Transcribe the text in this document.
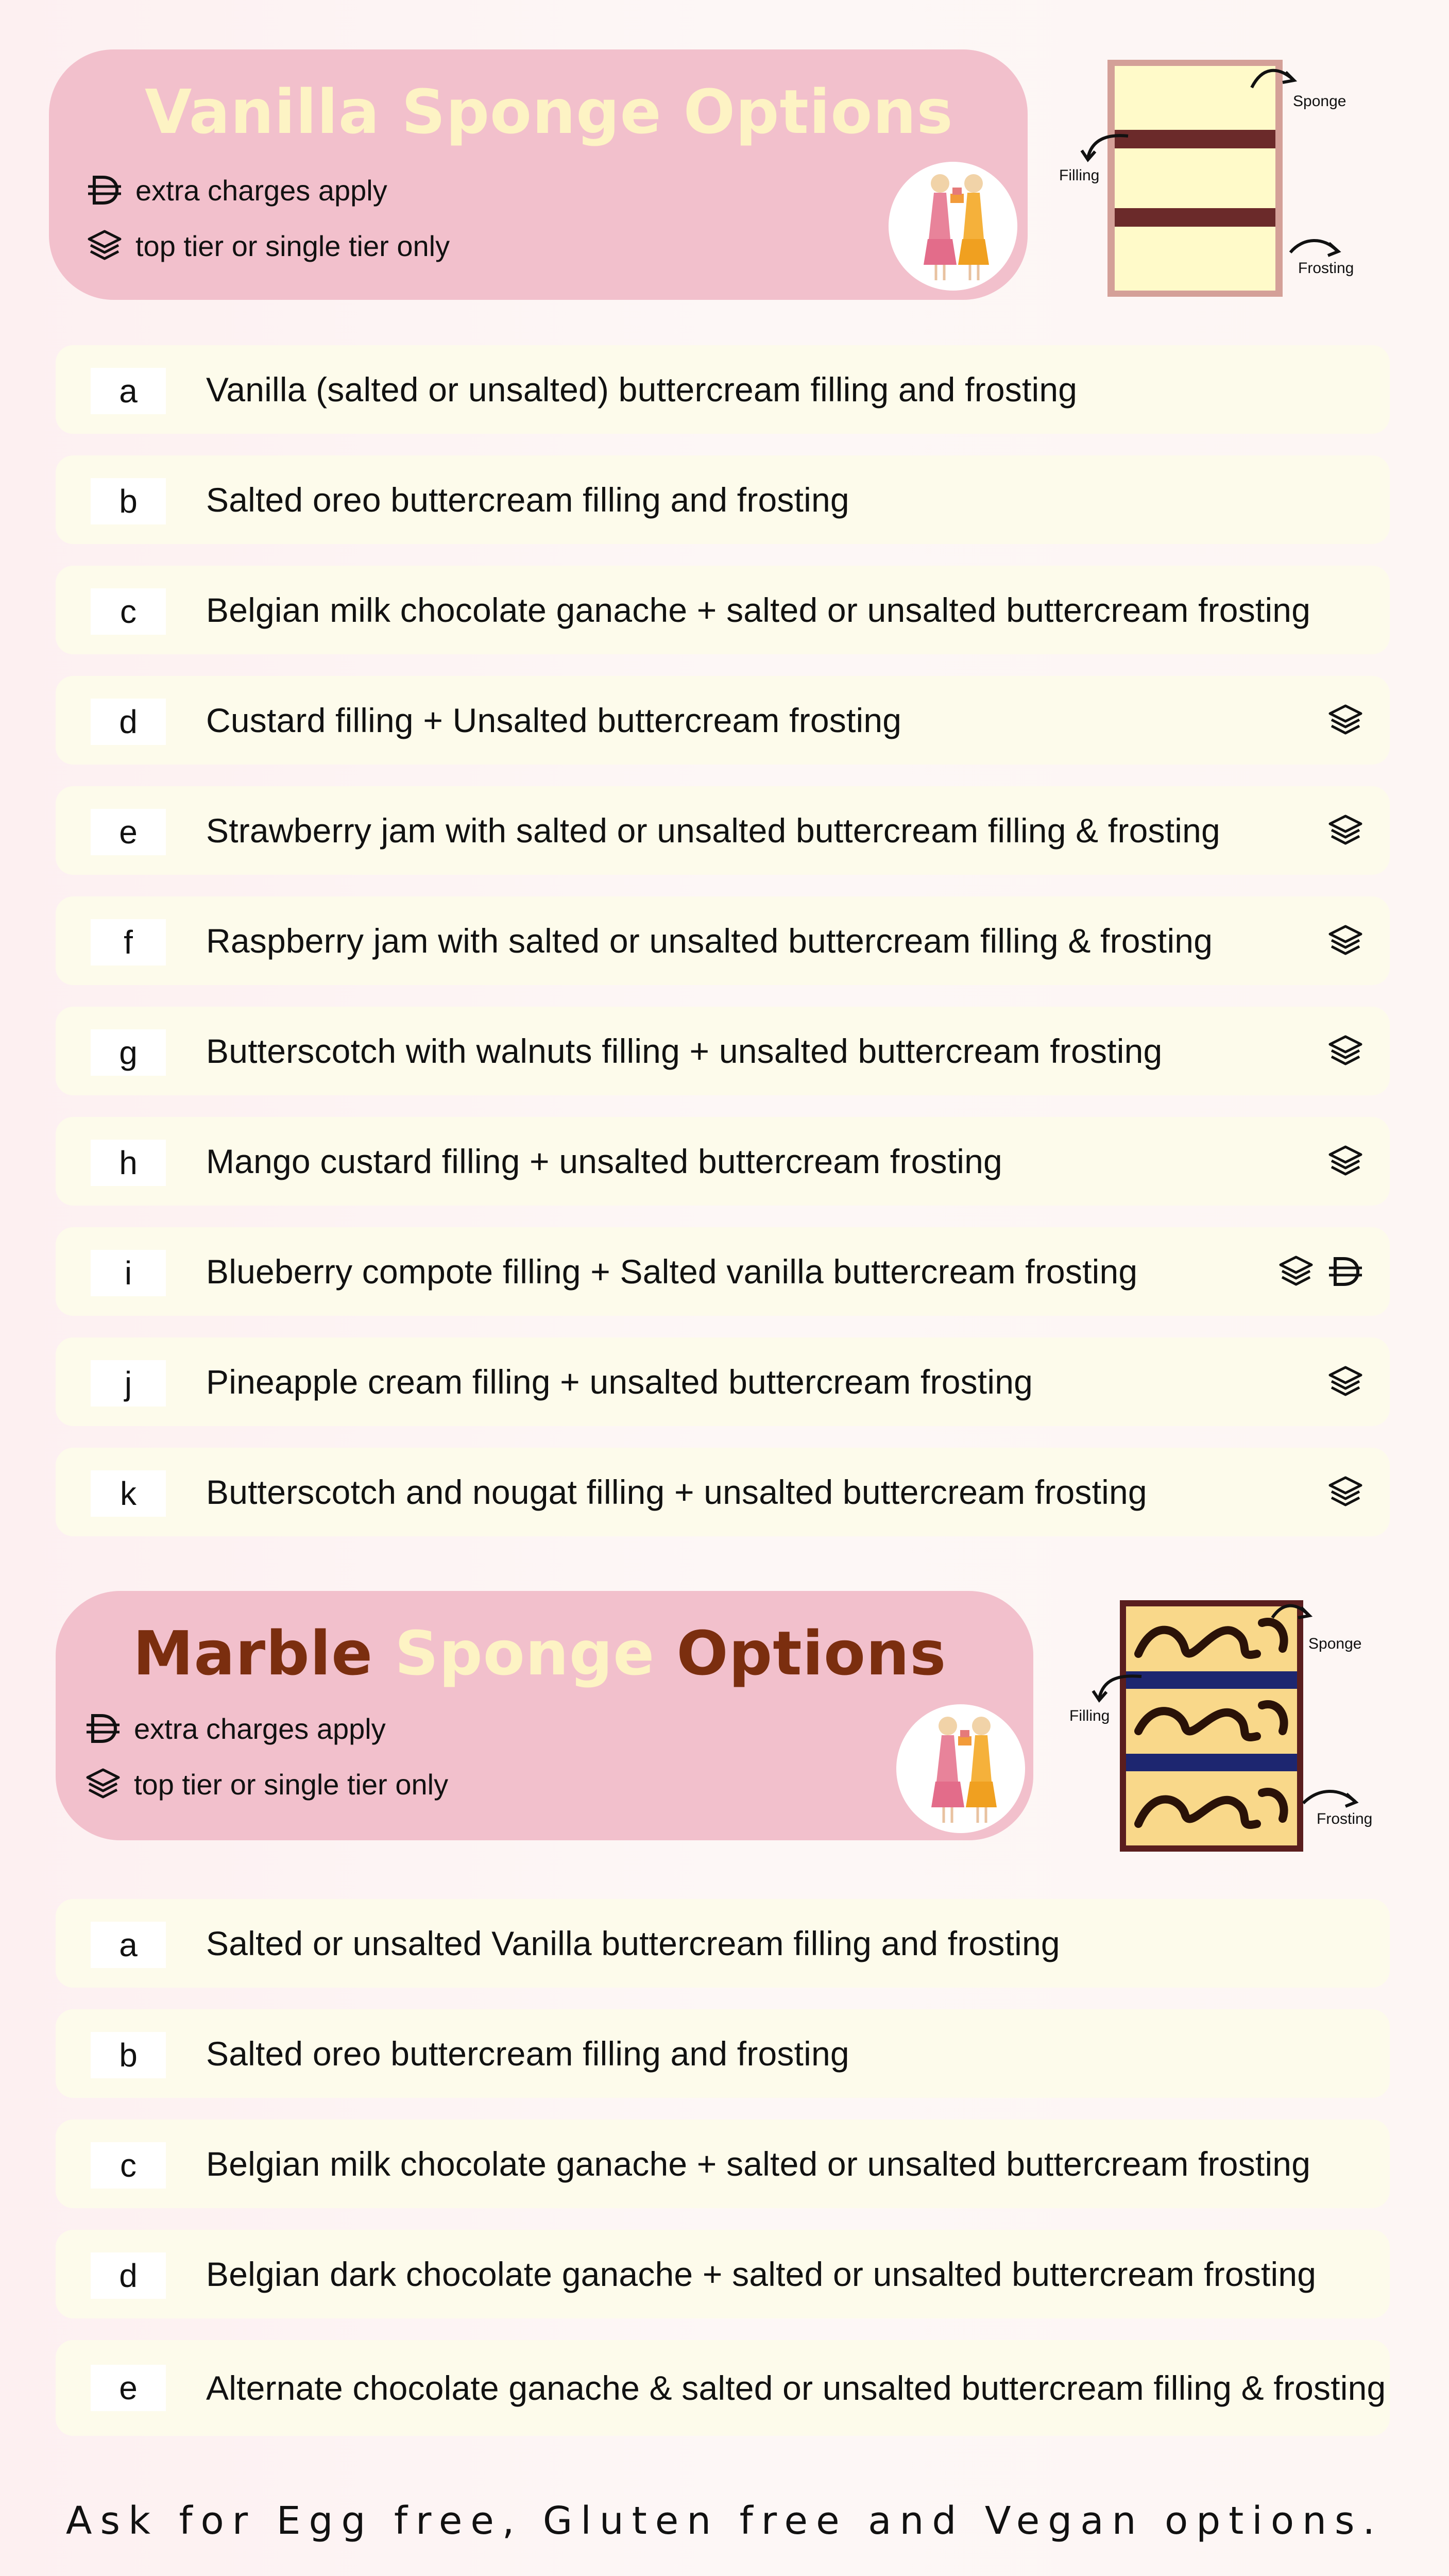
Vanilla Sponge Options
extra charges apply
top tier or single tier only
Sponge
Filling
Frosting
a	Vanilla (salted or unsalted) buttercream filling and frosting
b	Salted oreo buttercream filling and frosting
c	Belgian milk chocolate ganache + salted or unsalted buttercream frosting
d	Custard filling + Unsalted buttercream frosting
e	Strawberry jam with salted or unsalted buttercream filling & frosting
f	Raspberry jam with salted or unsalted buttercream filling & frosting
g	Butterscotch with walnuts filling + unsalted buttercream frosting
h	Mango custard filling + unsalted buttercream frosting
i	Blueberry compote filling + Salted vanilla buttercream frosting
j	Pineapple cream filling + unsalted buttercream frosting
k	Butterscotch and nougat filling + unsalted buttercream frosting
Marble Sponge Options
extra charges apply
top tier or single tier only
Sponge
Filling
Frosting
a	Salted or unsalted Vanilla buttercream filling and frosting
b	Salted oreo buttercream filling and frosting
c	Belgian milk chocolate ganache + salted or unsalted buttercream frosting
d	Belgian dark chocolate ganache + salted or unsalted buttercream frosting
e	Alternate chocolate ganache & salted or unsalted buttercream filling & frosting
Ask for Egg free, Gluten free and Vegan options.
